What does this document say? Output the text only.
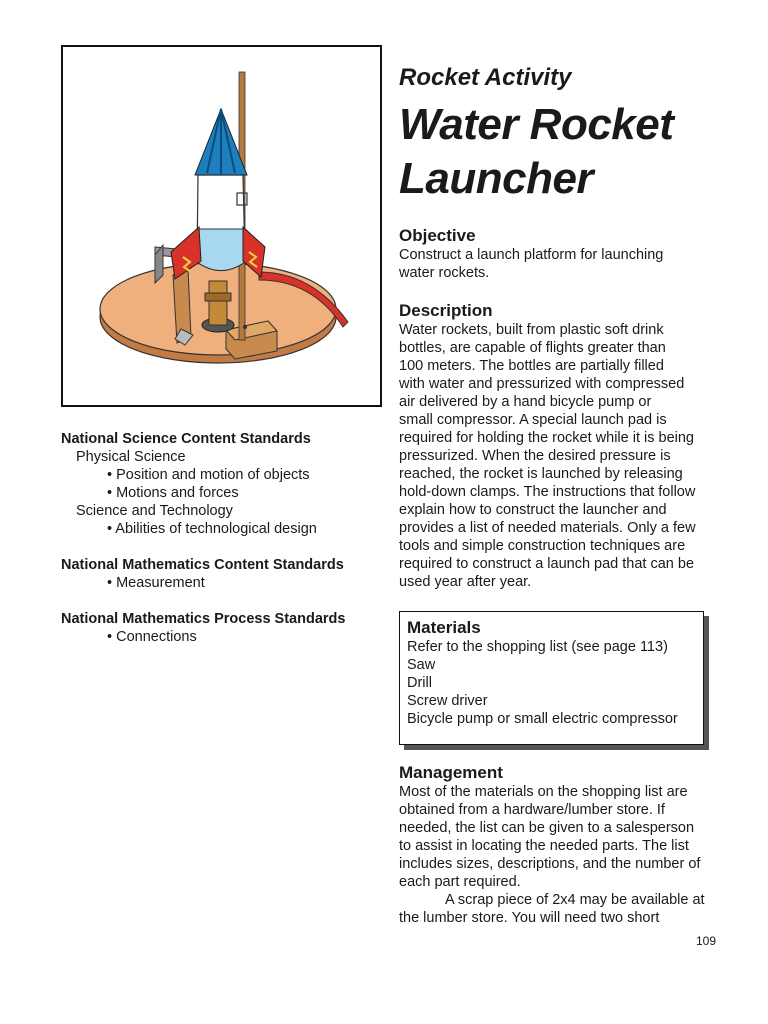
National Science Content Standards
Physical Science
• Position and motion of objects
• Motions and forces
Science and Technology
• Abilities of technological design
National Mathematics Content Standards
• Measurement
National Mathematics Process Standards
• Connections
Rocket Activity
Water Rocket
Launcher
Objective
Construct a launch platform for launching
water rockets.
Description
Water rockets, built from plastic soft drink
bottles, are capable of flights greater than
100 meters. The bottles are partially filled
with water and pressurized with compressed
air delivered by a hand bicycle pump or
small compressor. A special launch pad is
required for holding the rocket while it is being
pressurized. When the desired pressure is
reached, the rocket is launched by releasing
hold-down clamps. The instructions that follow
explain how to construct the launcher and
provides a list of needed materials. Only a few
tools and simple construction techniques are
required to construct a launch pad that can be
used year after year.
Materials
Refer to the shopping list (see page 113)
Saw
Drill
Screw driver
Bicycle pump or small electric compressor
Management
Most of the materials on the shopping list are
obtained from a hardware/lumber store. If
needed, the list can be given to a salesperson
to assist in locating the needed parts. The list
includes sizes, descriptions, and the number of
each part required.
A scrap piece of 2x4 may be available at
the lumber store. You will need two short
109
